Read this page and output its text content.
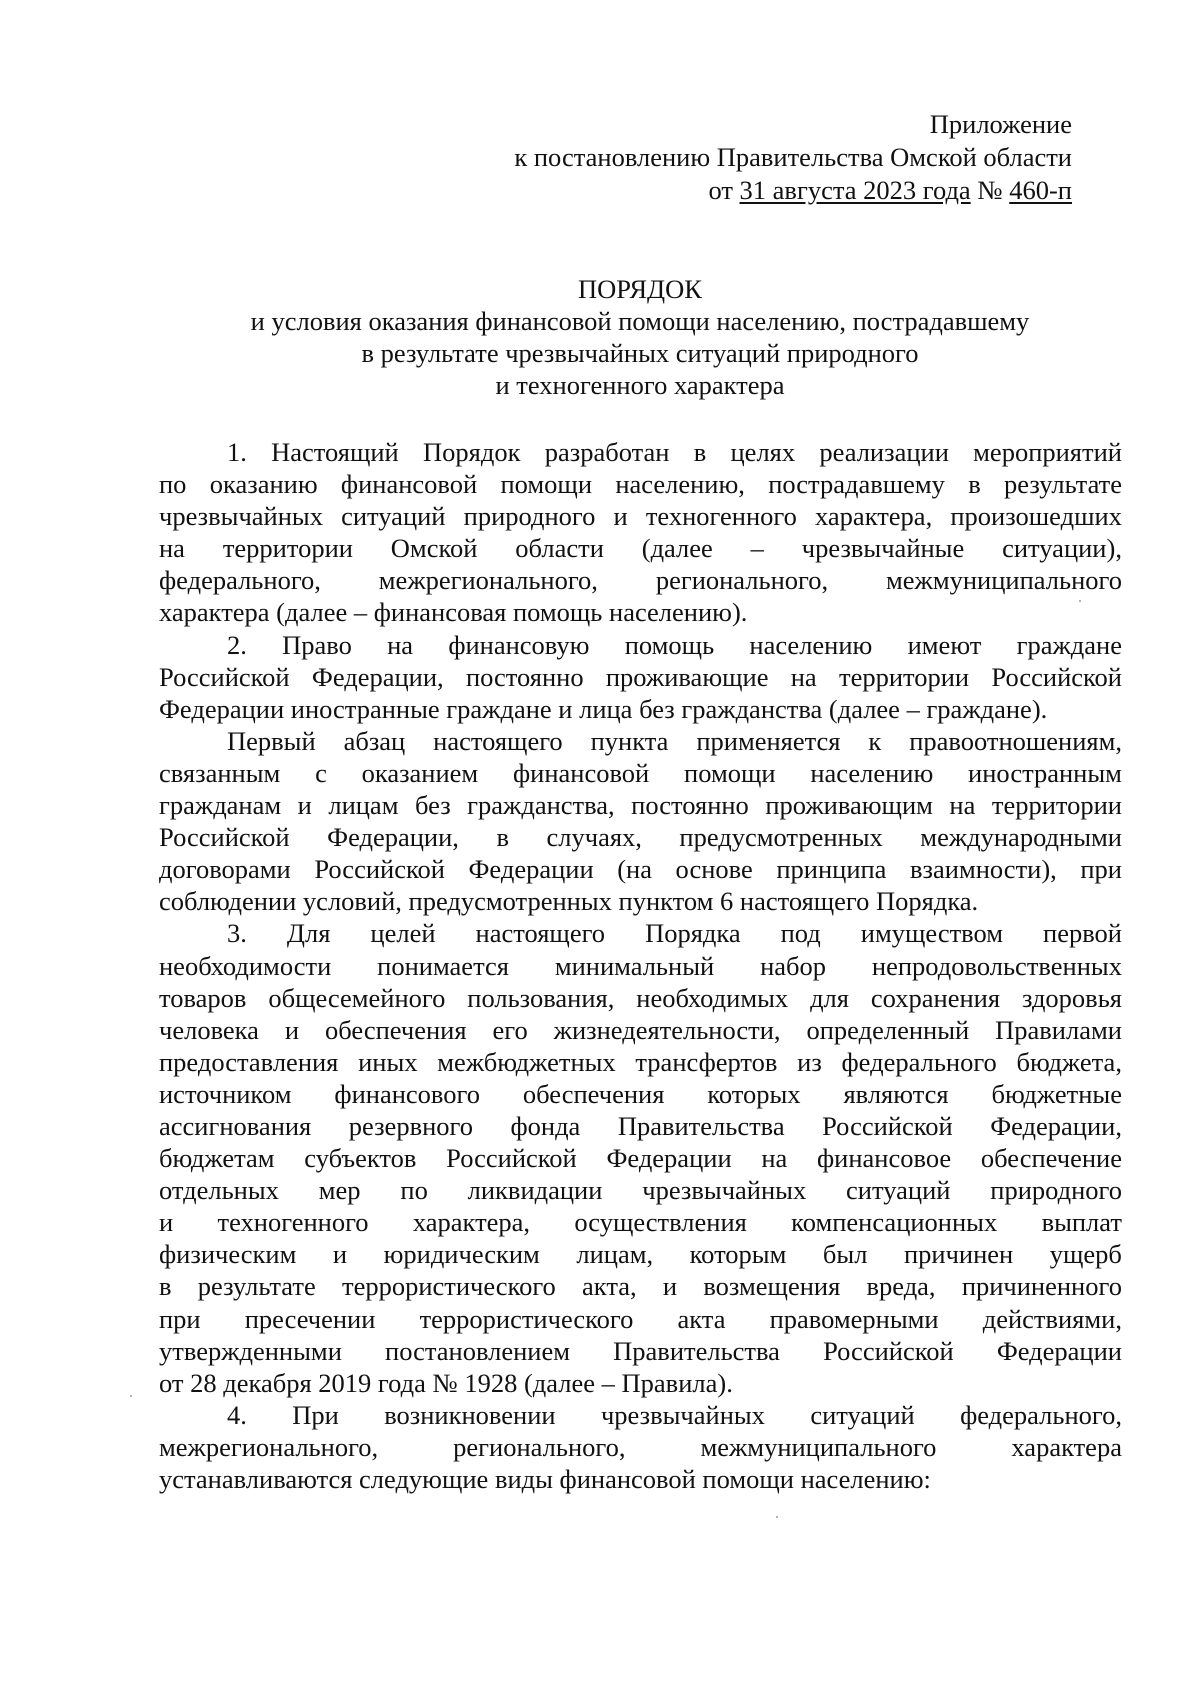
Приложение
к постановлению Правительства Омской области
от 31 августа 2023 года № 460-п
ПОРЯДОК
и условия оказания финансовой помощи населению, пострадавшему
в результате чрезвычайных ситуаций природного
и техногенного характера
1. Настоящий Порядок разработан в целях реализации мероприятий
по оказанию финансовой помощи населению, пострадавшему в результате
чрезвычайных ситуаций природного и техногенного характера, произошедших
на территории Омской области (далее – чрезвычайные ситуации),
федерального, межрегионального, регионального, межмуниципального
характера (далее – финансовая помощь населению).
2. Право на финансовую помощь населению имеют граждане
Российской Федерации, постоянно проживающие на территории Российской
Федерации иностранные граждане и лица без гражданства (далее – граждане).
Первый абзац настоящего пункта применяется к правоотношениям,
связанным с оказанием финансовой помощи населению иностранным
гражданам и лицам без гражданства, постоянно проживающим на территории
Российской Федерации, в случаях, предусмотренных международными
договорами Российской Федерации (на основе принципа взаимности), при
соблюдении условий, предусмотренных пунктом 6 настоящего Порядка.
3. Для целей настоящего Порядка под имуществом первой
необходимости понимается минимальный набор непродовольственных
товаров общесемейного пользования, необходимых для сохранения здоровья
человека и обеспечения его жизнедеятельности, определенный Правилами
предоставления иных межбюджетных трансфертов из федерального бюджета,
источником финансового обеспечения которых являются бюджетные
ассигнования резервного фонда Правительства Российской Федерации,
бюджетам субъектов Российской Федерации на финансовое обеспечение
отдельных мер по ликвидации чрезвычайных ситуаций природного
и техногенного характера, осуществления компенсационных выплат
физическим и юридическим лицам, которым был причинен ущерб
в результате террористического акта, и возмещения вреда, причиненного
при пресечении террористического акта правомерными действиями,
утвержденными постановлением Правительства Российской Федерации
от 28 декабря 2019 года № 1928 (далее – Правила).
4. При возникновении чрезвычайных ситуаций федерального,
межрегионального,	регионального,	межмуниципального	характера
устанавливаются следующие виды финансовой помощи населению:
